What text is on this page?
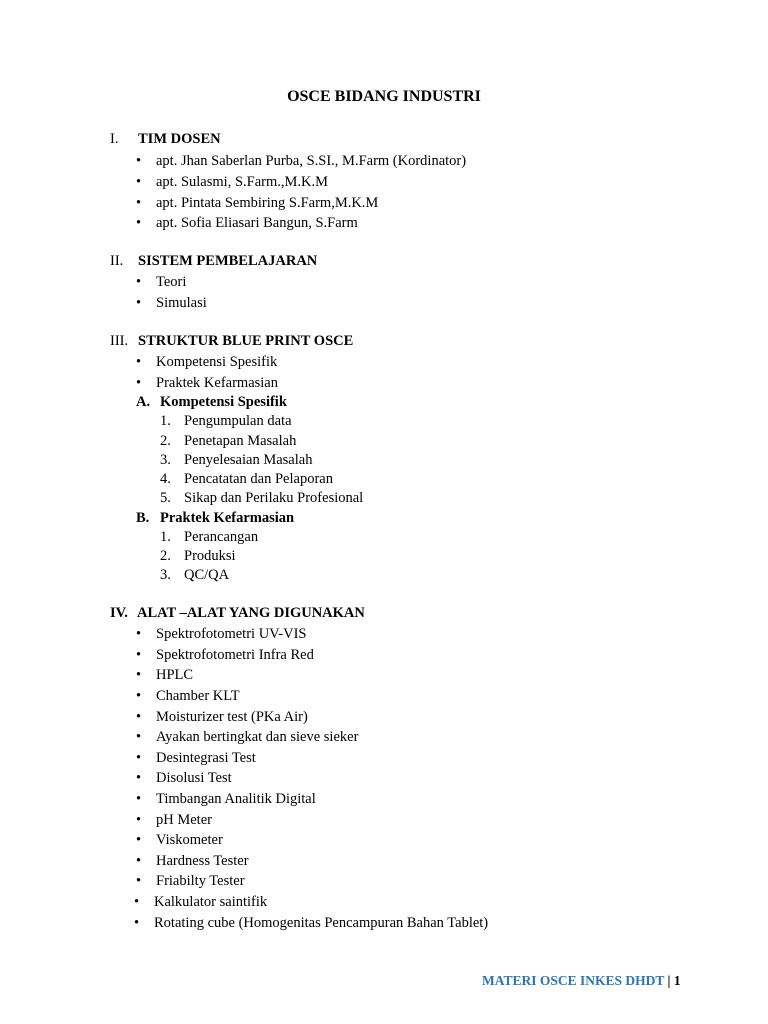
OSCE BIDANG INDUSTRI
I. TIM DOSEN
• apt. Jhan Saberlan Purba, S.SI., M.Farm (Kordinator)
• apt. Sulasmi, S.Farm.,M.K.M
• apt. Pintata Sembiring S.Farm,M.K.M
• apt. Sofia Eliasari Bangun, S.Farm
II. SISTEM PEMBELAJARAN
• Teori
• Simulasi
III. STRUKTUR BLUE PRINT OSCE
• Kompetensi Spesifik
• Praktek Kefarmasian
A. Kompetensi Spesifik
1. Pengumpulan data
2. Penetapan Masalah
3. Penyelesaian Masalah
4. Pencatatan dan Pelaporan
5. Sikap dan Perilaku Profesional
B. Praktek Kefarmasian
1. Perancangan
2. Produksi
3. QC/QA
IV. ALAT –ALAT YANG DIGUNAKAN
• Spektrofotometri UV-VIS
• Spektrofotometri Infra Red
• HPLC
• Chamber KLT
• Moisturizer test (PKa Air)
• Ayakan bertingkat dan sieve sieker
• Desintegrasi Test
• Disolusi Test
• Timbangan Analitik Digital
• pH Meter
• Viskometer
• Hardness Tester
• Friabilty Tester
• Kalkulator saintifik
• Rotating cube (Homogenitas Pencampuran Bahan Tablet)
MATERI OSCE INKES DHDT | 1
